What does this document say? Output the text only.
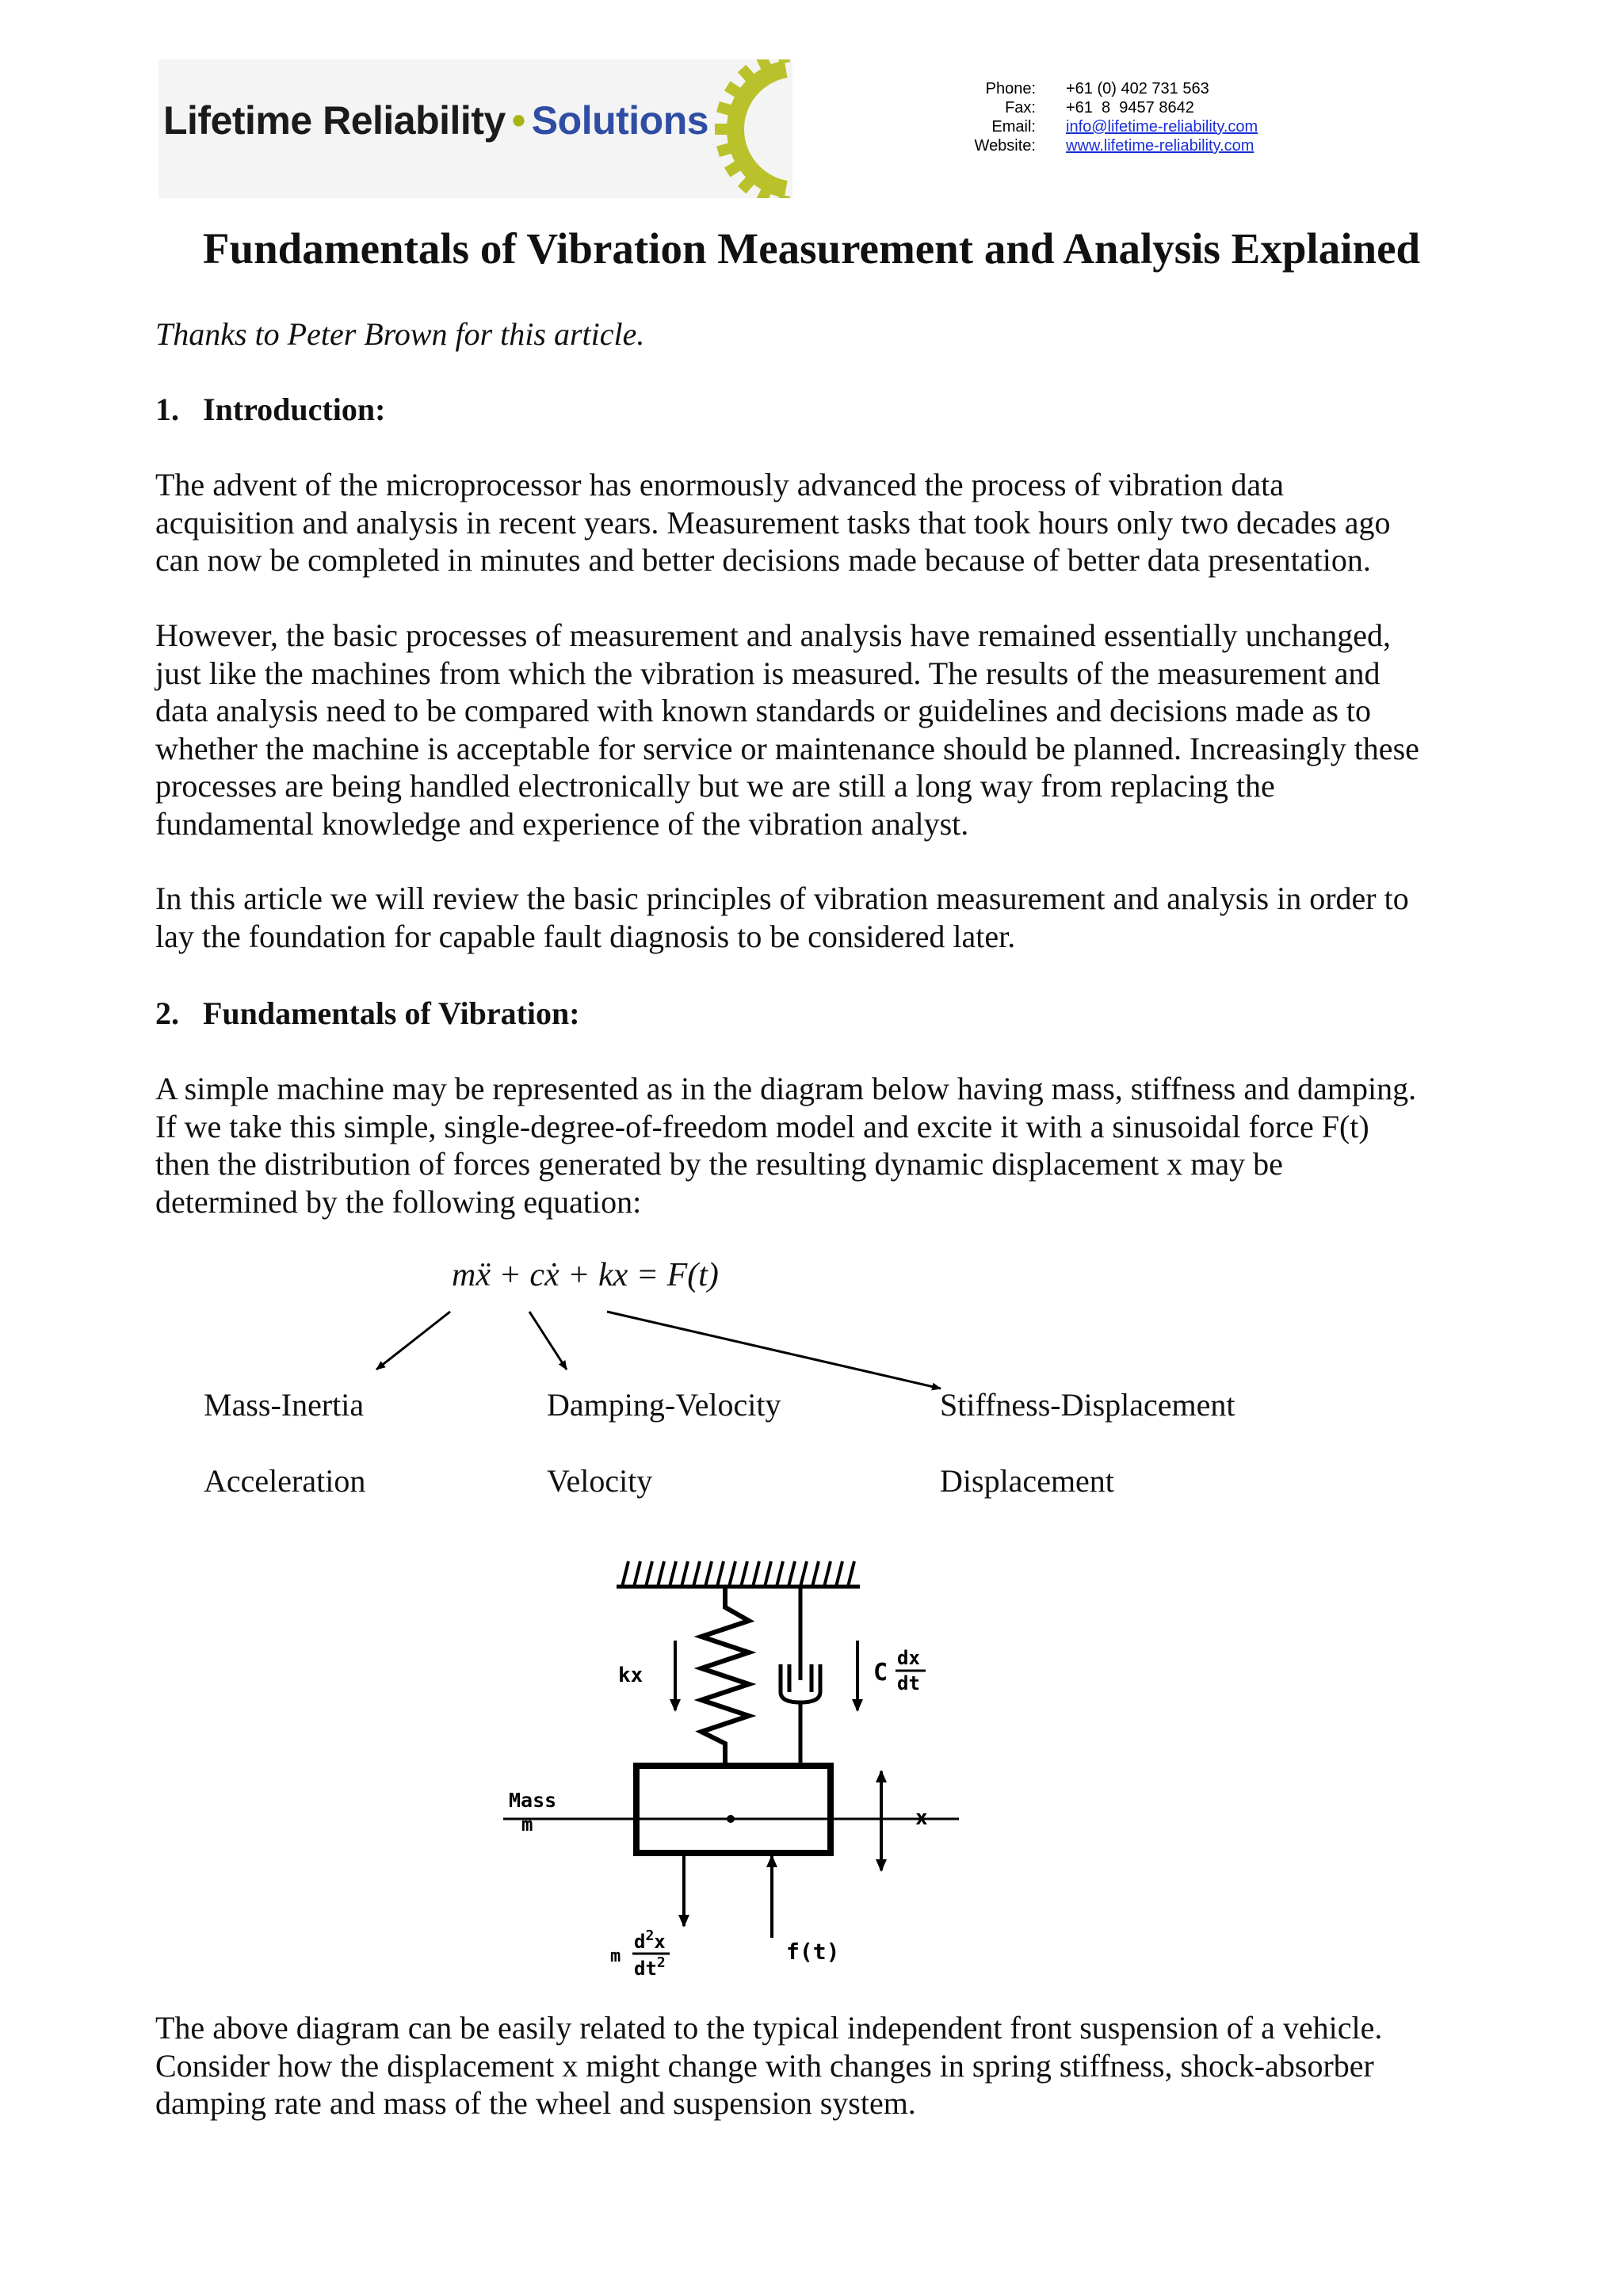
Lifetime Reliability • Solutions
Phone:	+61 (0) 402 731 563
Fax:	+61  8  9457 8642
Email:	info@lifetime-reliability.com
Website:	www.lifetime-reliability.com
Fundamentals of Vibration Measurement and Analysis Explained
Thanks to Peter Brown for this article.
1. Introduction:
The advent of the microprocessor has enormously advanced the process of vibration data
acquisition and analysis in recent years. Measurement tasks that took hours only two decades ago
can now be completed in minutes and better decisions made because of better data presentation.
However, the basic processes of measurement and analysis have remained essentially unchanged,
just like the machines from which the vibration is measured. The results of the measurement and
data analysis need to be compared with known standards or guidelines and decisions made as to
whether the machine is acceptable for service or maintenance should be planned. Increasingly these
processes are being handled electronically but we are still a long way from replacing the
fundamental knowledge and experience of the vibration analyst.
In this article we will review the basic principles of vibration measurement and analysis in order to
lay the foundation for capable fault diagnosis to be considered later.
2. Fundamentals of Vibration:
A simple machine may be represented as in the diagram below having mass, stiffness and damping.
If we take this simple, single-degree-of-freedom model and excite it with a sinusoidal force F(t)
then the distribution of forces generated by the resulting dynamic displacement x may be
determined by the following equation:
mẍ + cẋ + kx = F(t)
Mass-Inertia	Damping-Velocity	Stiffness-Displacement
Acceleration	Velocity	Displacement
kx	C
dx
dt
Mass
m	x
m
$d^2x$
$dt^2$	f(t)
The above diagram can be easily related to the typical independent front suspension of a vehicle.
Consider how the displacement x might change with changes in spring stiffness, shock-absorber
damping rate and mass of the wheel and suspension system.
